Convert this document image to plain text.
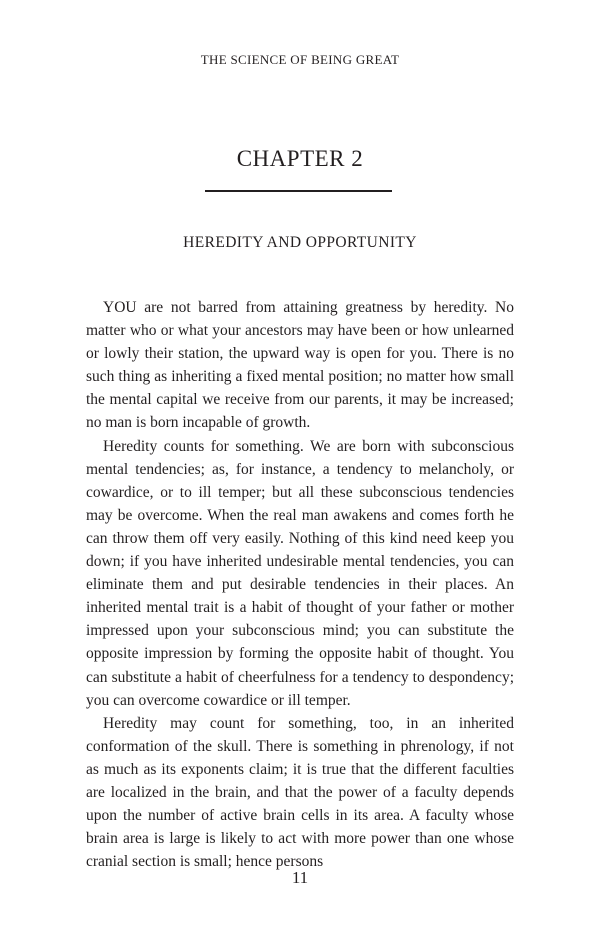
THE SCIENCE OF BEING GREAT
CHAPTER 2
HEREDITY AND OPPORTUNITY

YOU are not barred from attaining greatness by heredity. No matter who or what your ancestors may have been or how unlearned or lowly their station, the upward way is open for you. There is no such thing as inheriting a fixed mental position; no matter how small the mental capital we receive from our parents, it may be increased; no man is born incapable of growth.

Heredity counts for something. We are born with subconscious mental tendencies; as, for instance, a tendency to melancholy, or cowardice, or to ill temper; but all these subconscious tendencies may be overcome. When the real man awakens and comes forth he can throw them off very easily. Nothing of this kind need keep you down; if you have inherited undesirable mental tendencies, you can eliminate them and put desirable tendencies in their places. An inherited mental trait is a habit of thought of your father or mother impressed upon your subconscious mind; you can substitute the opposite impression by forming the opposite habit of thought. You can substitute a habit of cheerfulness for a tendency to despondency; you can overcome cowardice or ill temper.

Heredity may count for something, too, in an inherited conformation of the skull. There is something in phrenology, if not as much as its exponents claim; it is true that the different faculties are localized in the brain, and that the power of a faculty depends upon the number of active brain cells in its area. A faculty whose brain area is large is likely to act with more power than one whose cranial section is small; hence persons

11
